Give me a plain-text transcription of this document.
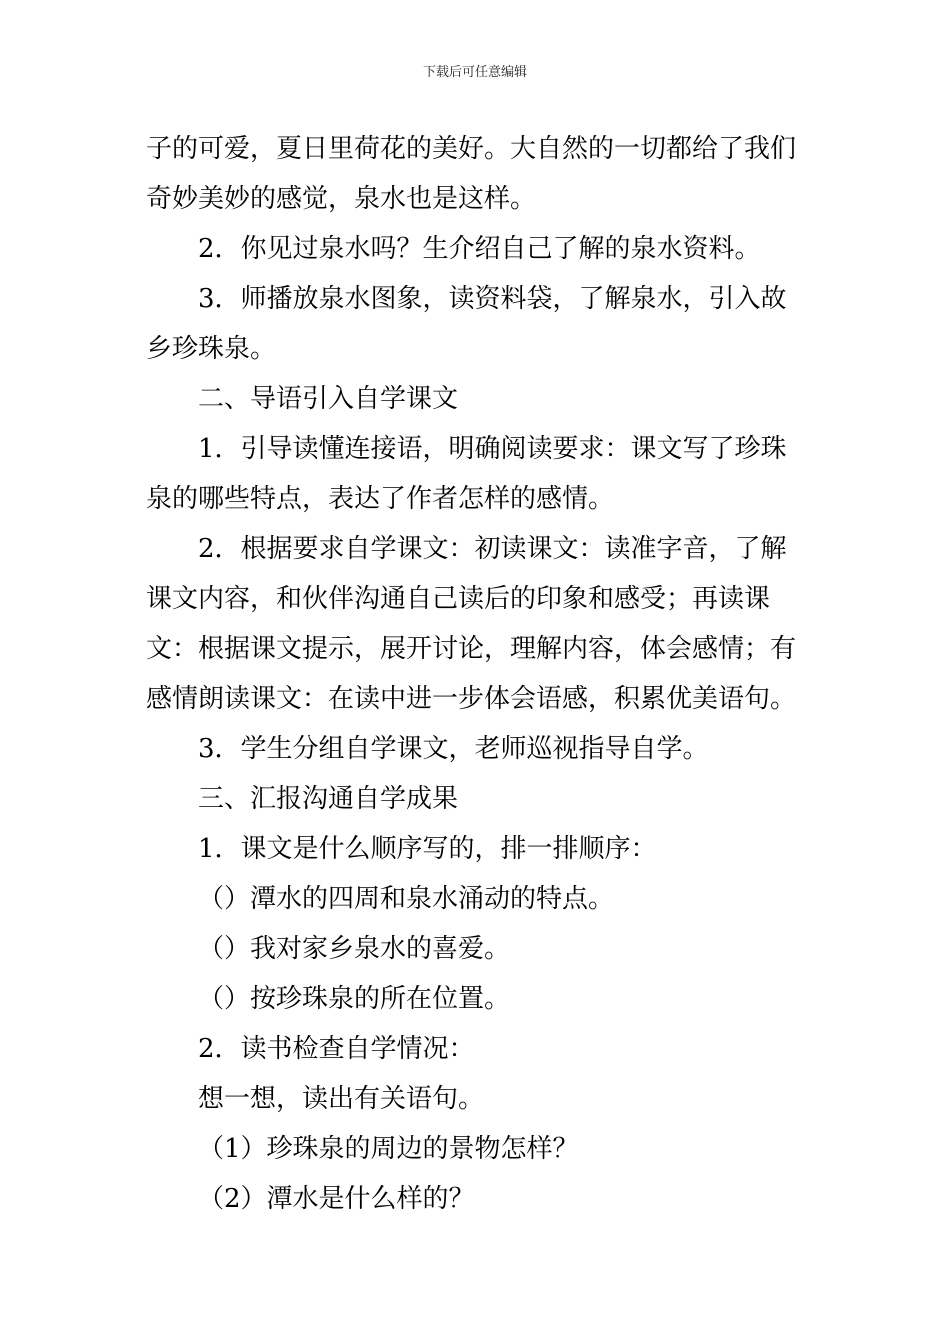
下载后可任意编辑

子的可爱，夏日里荷花的美好。大自然的一切都给了我们奇妙美妙的感觉，泉水也是这样。

2．你见过泉水吗？生介绍自己了解的泉水资料。

3．师播放泉水图象，读资料袋，了解泉水，引入故乡珍珠泉。

二、导语引入自学课文

1．引导读懂连接语，明确阅读要求：课文写了珍珠泉的哪些特点，表达了作者怎样的感情。

2．根据要求自学课文：初读课文：读准字音，了解课文内容，和伙伴沟通自己读后的印象和感受；再读课文：根据课文提示，展开讨论，理解内容，体会感情；有感情朗读课文：在读中进一步体会语感，积累优美语句。

3．学生分组自学课文，老师巡视指导自学。

三、汇报沟通自学成果

1．课文是什么顺序写的，排一排顺序：

（）潭水的四周和泉水涌动的特点。

（）我对家乡泉水的喜爱。

（）按珍珠泉的所在位置。

2．读书检查自学情况：

想一想，读出有关语句。

（1）珍珠泉的周边的景物怎样？

（2）潭水是什么样的？
